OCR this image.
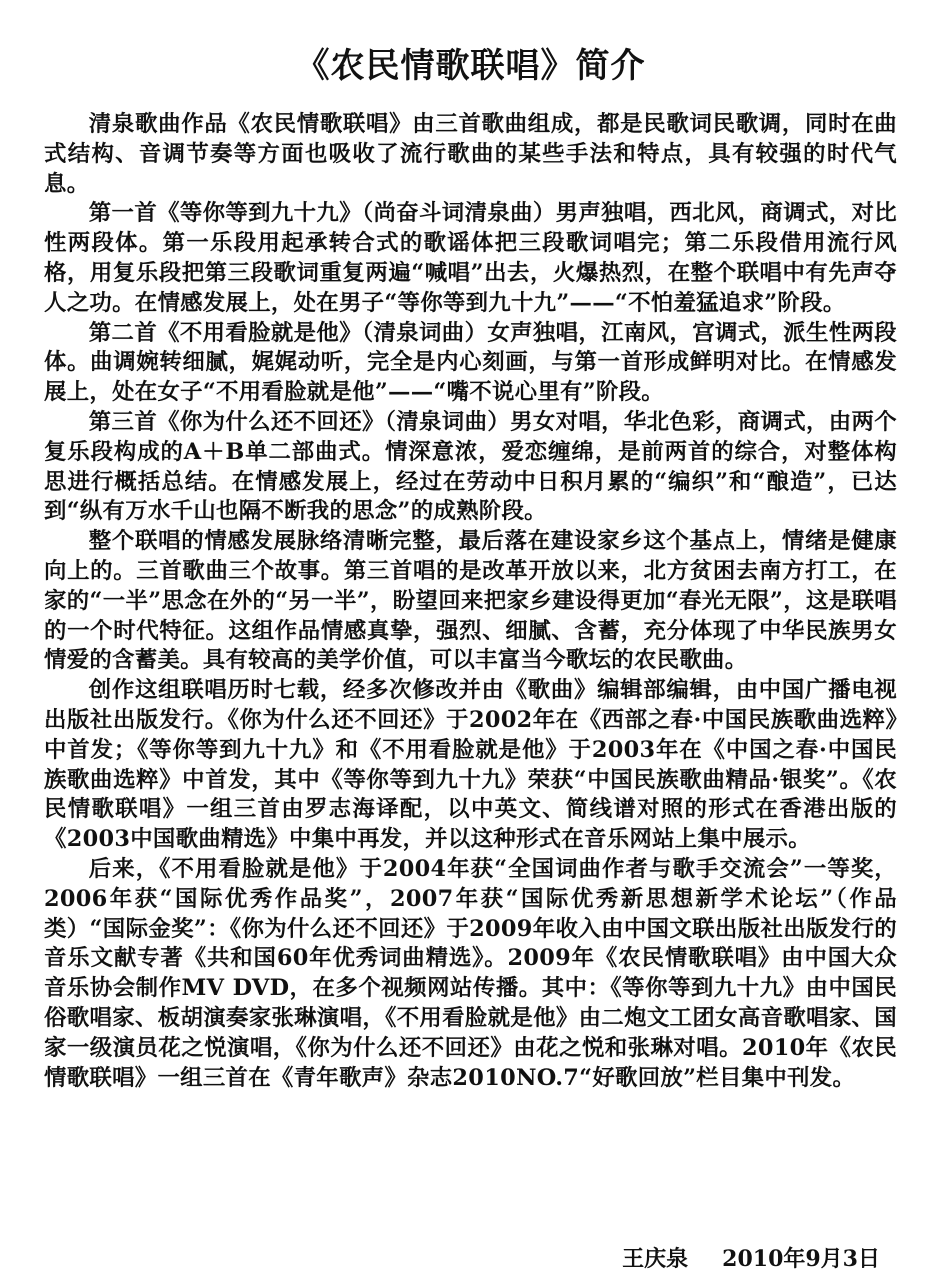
《农民情歌联唱》简介

清泉歌曲作品《农民情歌联唱》由三首歌曲组成，都是民歌词民歌调，同时在曲式结构、音调节奏等方面也吸收了流行歌曲的某些手法和特点，具有较强的时代气息。

第一首《等你等到九十九》（尚奋斗词清泉曲）男声独唱，西北风，商调式，对比性两段体。第一乐段用起承转合式的歌谣体把三段歌词唱完；第二乐段借用流行风格，用复乐段把第三段歌词重复两遍“喊唱”出去，火爆热烈，在整个联唱中有先声夺人之功。在情感发展上，处在男子“等你等到九十九”——“不怕羞猛追求”阶段。

第二首《不用看脸就是他》（清泉词曲）女声独唱，江南风，宫调式，派生性两段体。曲调婉转细腻，娓娓动听，完全是内心刻画，与第一首形成鲜明对比。在情感发展上，处在女子“不用看脸就是他”——“嘴不说心里有”阶段。

第三首《你为什么还不回还》（清泉词曲）男女对唱，华北色彩，商调式，由两个复乐段构成的A＋B单二部曲式。情深意浓，爱恋缠绵，是前两首的综合，对整体构思进行概括总结。在情感发展上，经过在劳动中日积月累的“编织”和“酿造”，已达到“纵有万水千山也隔不断我的思念”的成熟阶段。

整个联唱的情感发展脉络清晰完整，最后落在建设家乡这个基点上，情绪是健康向上的。三首歌曲三个故事。第三首唱的是改革开放以来，北方贫困去南方打工，在家的“一半”思念在外的“另一半”，盼望回来把家乡建设得更加“春光无限”，这是联唱的一个时代特征。这组作品情感真挚，强烈、细腻、含蓄，充分体现了中华民族男女情爱的含蓄美。具有较高的美学价值，可以丰富当今歌坛的农民歌曲。

创作这组联唱历时七载，经多次修改并由《歌曲》编辑部编辑，由中国广播电视出版社出版发行。《你为什么还不回还》于2002年在《西部之春·中国民族歌曲选粹》中首发；《等你等到九十九》和《不用看脸就是他》于2003年在《中国之春·中国民族歌曲选粹》中首发，其中《等你等到九十九》荣获“中国民族歌曲精品·银奖”。《农民情歌联唱》一组三首由罗志海译配，以中英文、简线谱对照的形式在香港出版的《2003中国歌曲精选》中集中再发，并以这种形式在音乐网站上集中展示。

后来，《不用看脸就是他》于2004年获“全国词曲作者与歌手交流会”一等奖，2006年获“国际优秀作品奖”，2007年获“国际优秀新思想新学术论坛”（作品类）“国际金奖”：《你为什么还不回还》于2009年收入由中国文联出版社出版发行的音乐文献专著《共和国60年优秀词曲精选》。2009年《农民情歌联唱》由中国大众音乐协会制作MV DVD，在多个视频网站传播。其中：《等你等到九十九》由中国民俗歌唱家、板胡演奏家张琳演唱，《不用看脸就是他》由二炮文工团女高音歌唱家、国家一级演员花之悦演唱，《你为什么还不回还》由花之悦和张琳对唱。2010年《农民情歌联唱》一组三首在《青年歌声》杂志2010NO.7“好歌回放”栏目集中刊发。

王庆泉 2010年9月3日
